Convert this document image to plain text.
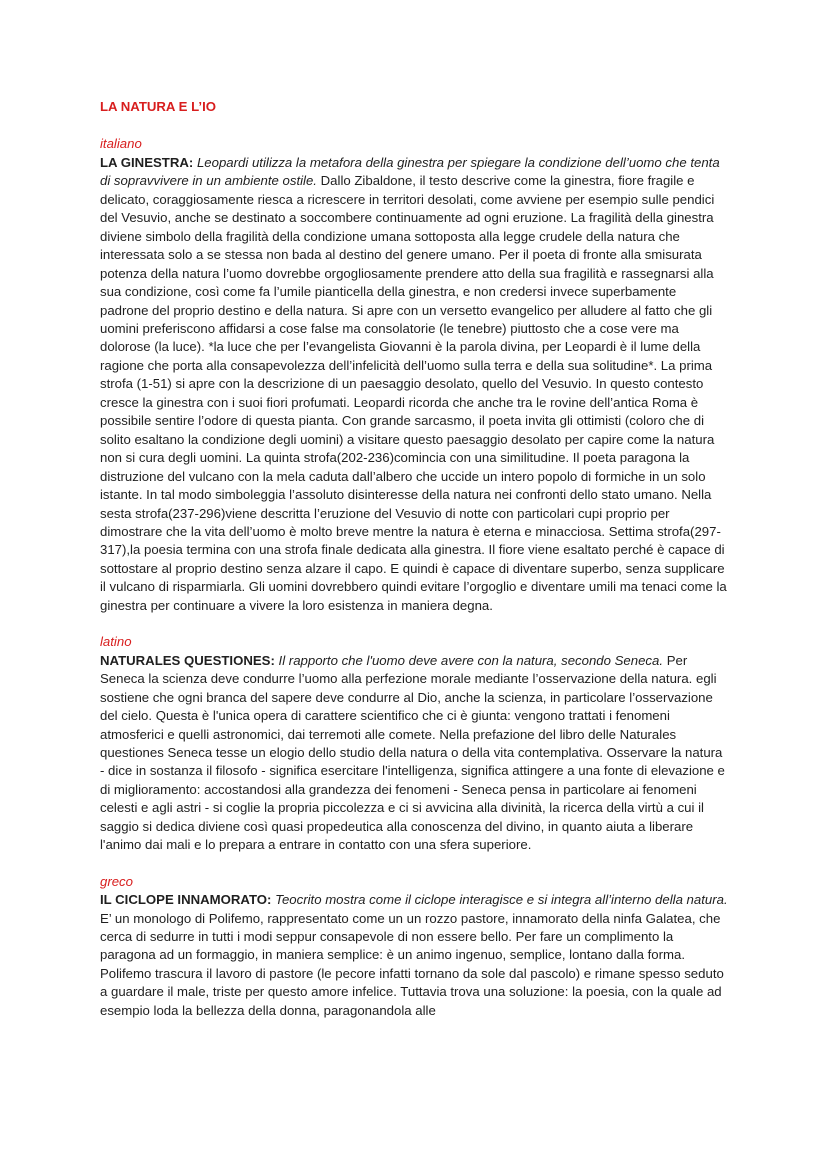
LA NATURA E L’IO
italiano

LA GINESTRA: Leopardi utilizza la metafora della ginestra per spiegare la condizione dell’uomo che tenta di sopravvivere in un ambiente ostile. Dallo Zibaldone, il testo descrive come la ginestra, fiore fragile e delicato, coraggiosamente riesca a ricrescere in territori desolati, come avviene per esempio sulle pendici del Vesuvio, anche se destinato a soccombere continuamente ad ogni eruzione. La fragilità della ginestra diviene simbolo della fragilità della condizione umana sottoposta alla legge crudele della natura che interessata solo a se stessa non bada al destino del genere umano. Per il poeta di fronte alla smisurata potenza della natura l’uomo dovrebbe orgogliosamente prendere atto della sua fragilità e rassegnarsi alla sua condizione, così come fa l’umile pianticella della ginestra, e non credersi invece superbamente padrone del proprio destino e della natura. Si apre con un versetto evangelico per alludere al fatto che gli uomini preferiscono affidarsi a cose false ma consolatorie (le tenebre) piuttosto che a cose vere ma dolorose (la luce). *la luce che per l’evangelista Giovanni è la parola divina, per Leopardi è il lume della ragione che porta alla consapevolezza dell’infelicità dell’uomo sulla terra e della sua solitudine*. La prima strofa (1-51) si apre con la descrizione di un paesaggio desolato, quello del Vesuvio. In questo contesto cresce la ginestra con i suoi fiori profumati. Leopardi ricorda che anche tra le rovine dell’antica Roma è possibile sentire l’odore di questa pianta. Con grande sarcasmo, il poeta invita gli ottimisti (coloro che di solito esaltano la condizione degli uomini) a visitare questo paesaggio desolato per capire come la natura non si cura degli uomini. La quinta strofa(202-236)comincia con una similitudine. Il poeta paragona la distruzione del vulcano con la mela caduta dall’albero che uccide un intero popolo di formiche in un solo istante. In tal modo simboleggia l’assoluto disinteresse della natura nei confronti dello stato umano. Nella sesta strofa(237-296)viene descritta l’eruzione del Vesuvio di notte con particolari cupi proprio per dimostrare che la vita dell’uomo è molto breve mentre la natura è eterna e minacciosa. Settima strofa(297-317),la poesia termina con una strofa finale dedicata alla ginestra. Il fiore viene esaltato perché è capace di sottostare al proprio destino senza alzare il capo. E quindi è capace di diventare superbo, senza supplicare il vulcano di risparmiarla. Gli uomini dovrebbero quindi evitare l’orgoglio e diventare umili ma tenaci come la ginestra per continuare a vivere la loro esistenza in maniera degna.

latino

NATURALES QUESTIONES: Il rapporto che l'uomo deve avere con la natura, secondo Seneca. Per Seneca la scienza deve condurre l’uomo alla perfezione morale mediante l’osservazione della natura. egli sostiene che ogni branca del sapere deve condurre al Dio, anche la scienza, in particolare l’osservazione del cielo. Questa è l'unica opera di carattere scientifico che ci è giunta: vengono trattati i fenomeni atmosferici e quelli astronomici, dai terremoti alle comete. Nella prefazione del libro delle Naturales questiones Seneca tesse un elogio dello studio della natura o della vita contemplativa. Osservare la natura - dice in sostanza il filosofo - significa esercitare l'intelligenza, significa attingere a una fonte di elevazione e di miglioramento: accostandosi alla grandezza dei fenomeni - Seneca pensa in particolare ai fenomeni celesti e agli astri - si coglie la propria piccolezza e ci si avvicina alla divinità, la ricerca della virtù a cui il saggio si dedica diviene così quasi propedeutica alla conoscenza del divino, in quanto aiuta a liberare l'animo dai mali e lo prepara a entrare in contatto con una sfera superiore.

greco

IL CICLOPE INNAMORATO: Teocrito mostra come il ciclope interagisce e si integra all’interno della natura. E’ un monologo di Polifemo, rappresentato come un un rozzo pastore, innamorato della ninfa Galatea, che cerca di sedurre in tutti i modi seppur consapevole di non essere bello. Per fare un complimento la paragona ad un formaggio, in maniera semplice: è un animo ingenuo, semplice, lontano dalla forma. Polifemo trascura il lavoro di pastore (le pecore infatti tornano da sole dal pascolo) e rimane spesso seduto a guardare il male, triste per questo amore infelice. Tuttavia trova una soluzione: la poesia, con la quale ad esempio loda la bellezza della donna, paragonandola alle
